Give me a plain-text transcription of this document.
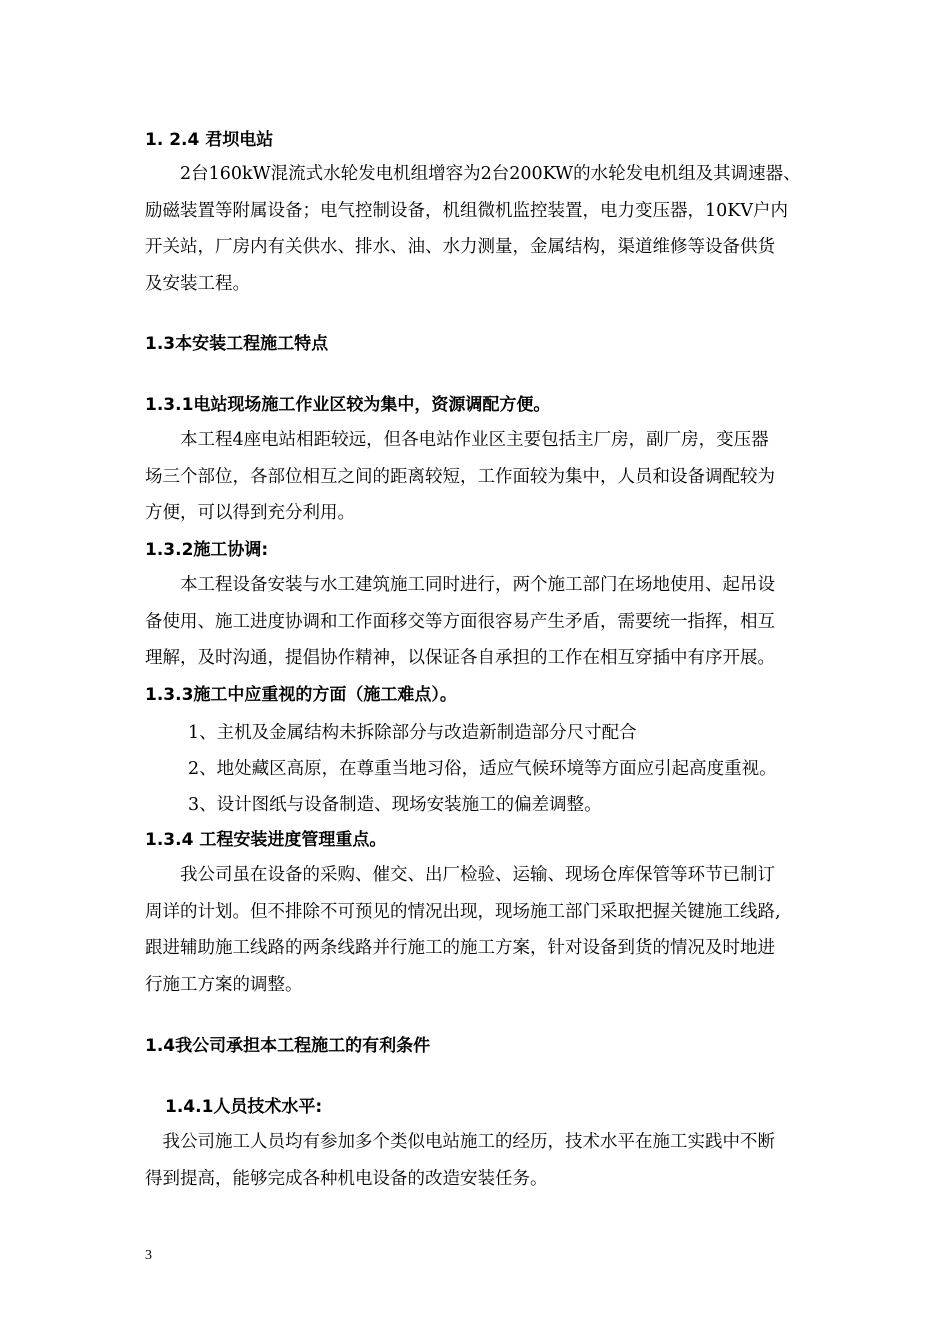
1. 2.4 君坝电站
　　2台160kW混流式水轮发电机组增容为2台200KW的水轮发电机组及其调速器、
励磁装置等附属设备；电气控制设备，机组微机监控装置，电力变压器，10KV户内
开关站，厂房内有关供水、排水、油、水力测量，金属结构，渠道维修等设备供货
及安装工程。
1.3本安装工程施工特点
1.3.1电站现场施工作业区较为集中，资源调配方便。
　　本工程4座电站相距较远，但各电站作业区主要包括主厂房，副厂房，变压器
场三个部位，各部位相互之间的距离较短，工作面较为集中，人员和设备调配较为
方便，可以得到充分利用。
1.3.2施工协调:
　　本工程设备安装与水工建筑施工同时进行，两个施工部门在场地使用、起吊设
备使用、施工进度协调和工作面移交等方面很容易产生矛盾，需要统一指挥，相互
理解，及时沟通，提倡协作精神，以保证各自承担的工作在相互穿插中有序开展。
1.3.3施工中应重视的方面（施工难点）。
1、主机及金属结构未拆除部分与改造新制造部分尺寸配合
2、地处藏区高原，在尊重当地习俗，适应气候环境等方面应引起高度重视。
3、设计图纸与设备制造、现场安装施工的偏差调整。
1.3.4 工程安装进度管理重点。
　　我公司虽在设备的采购、催交、出厂检验、运输、现场仓库保管等环节已制订
周详的计划。但不排除不可预见的情况出现，现场施工部门采取把握关键施工线路,
跟进辅助施工线路的两条线路并行施工的施工方案，针对设备到货的情况及时地进
行施工方案的调整。
1.4我公司承担本工程施工的有利条件
1.4.1人员技术水平:
　我公司施工人员均有参加多个类似电站施工的经历，技术水平在施工实践中不断
得到提高，能够完成各种机电设备的改造安装任务。
3
